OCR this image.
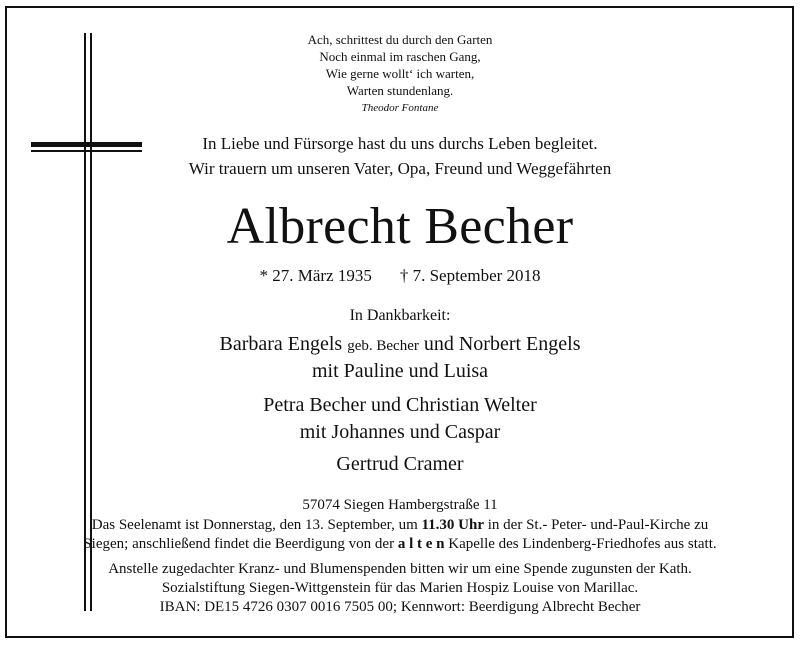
Ach, schrittest du durch den Garten
Noch einmal im raschen Gang,
Wie gerne wollt‘ ich warten,
Warten stundenlang.
Theodor Fontane
In Liebe und Fürsorge hast du uns durchs Leben begleitet.
Wir trauern um unseren Vater, Opa, Freund und Weggefährten
Albrecht Becher
* 27. März 1935 † 7. September 2018
In Dankbarkeit:
Barbara Engels geb. Becher und Norbert Engels
mit Pauline und Luisa
Petra Becher und Christian Welter
mit Johannes und Caspar
Gertrud Cramer
57074 Siegen Hambergstraße 11
Das Seelenamt ist Donnerstag, den 13. September, um 11.30 Uhr in der St.- Peter- und-Paul-Kirche zu
Siegen; anschließend findet die Beerdigung von der a l t e n Kapelle des Lindenberg-Friedhofes aus statt.
Anstelle zugedachter Kranz- und Blumenspenden bitten wir um eine Spende zugunsten der Kath.
Sozialstiftung Siegen-Wittgenstein für das Marien Hospiz Louise von Marillac.
IBAN: DE15 4726 0307 0016 7505 00; Kennwort: Beerdigung Albrecht Becher
